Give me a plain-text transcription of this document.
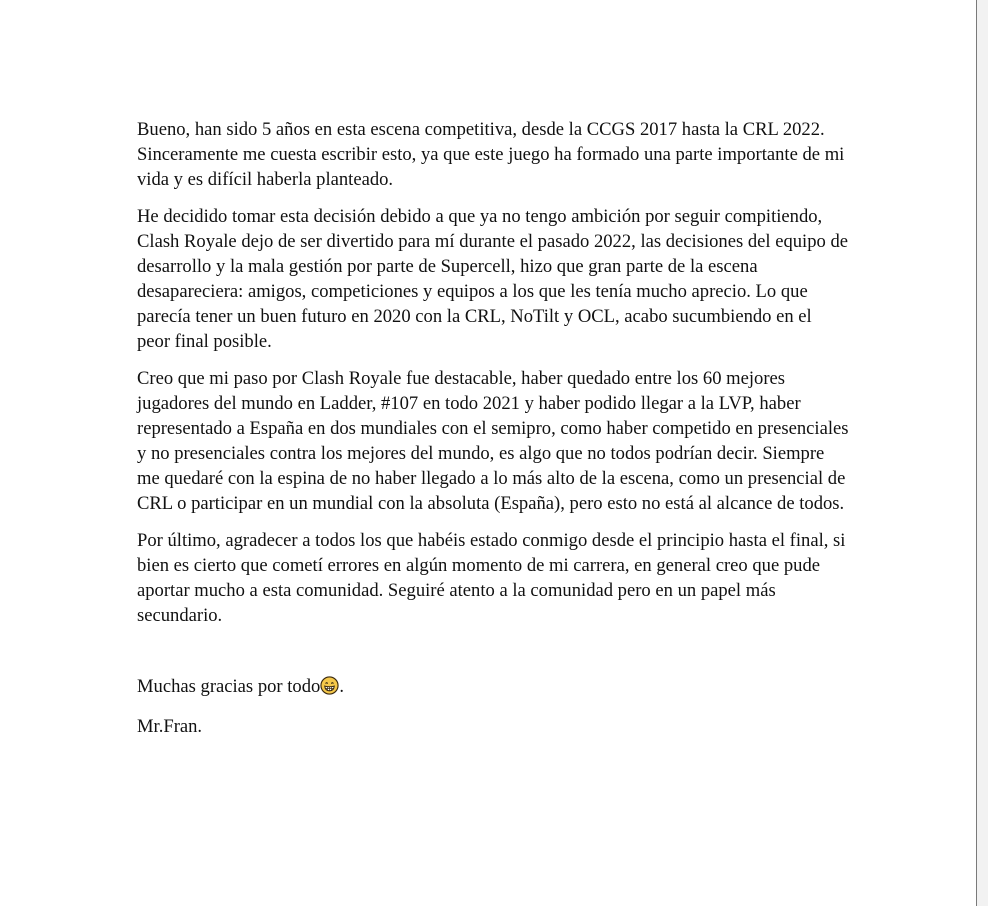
Bueno, han sido 5 años en esta escena competitiva, desde la CCGS 2017 hasta la CRL 2022. Sinceramente me cuesta escribir esto, ya que este juego ha formado una parte importante de mi vida y es difícil haberla planteado.

He decidido tomar esta decisión debido a que ya no tengo ambición por seguir compitiendo, Clash Royale dejo de ser divertido para mí durante el pasado 2022, las decisiones del equipo de desarrollo y la mala gestión por parte de Supercell, hizo que gran parte de la escena desapareciera: amigos, competiciones y equipos a los que les tenía mucho aprecio. Lo que parecía tener un buen futuro en 2020 con la CRL, NoTilt y OCL, acabo sucumbiendo en el peor final posible.

Creo que mi paso por Clash Royale fue destacable, haber quedado entre los 60 mejores jugadores del mundo en Ladder, #107 en todo 2021 y haber podido llegar a la LVP, haber representado a España en dos mundiales con el semipro, como haber competido en presenciales y no presenciales contra los mejores del mundo, es algo que no todos podrían decir. Siempre me quedaré con la espina de no haber llegado a lo más alto de la escena, como un presencial de CRL o participar en un mundial con la absoluta (España), pero esto no está al alcance de todos.

Por último, agradecer a todos los que habéis estado conmigo desde el principio hasta el final, si bien es cierto que cometí errores en algún momento de mi carrera, en general creo que pude aportar mucho a esta comunidad. Seguiré atento a la comunidad pero en un papel más secundario.

Muchas gracias por todo .

Mr.Fran.
